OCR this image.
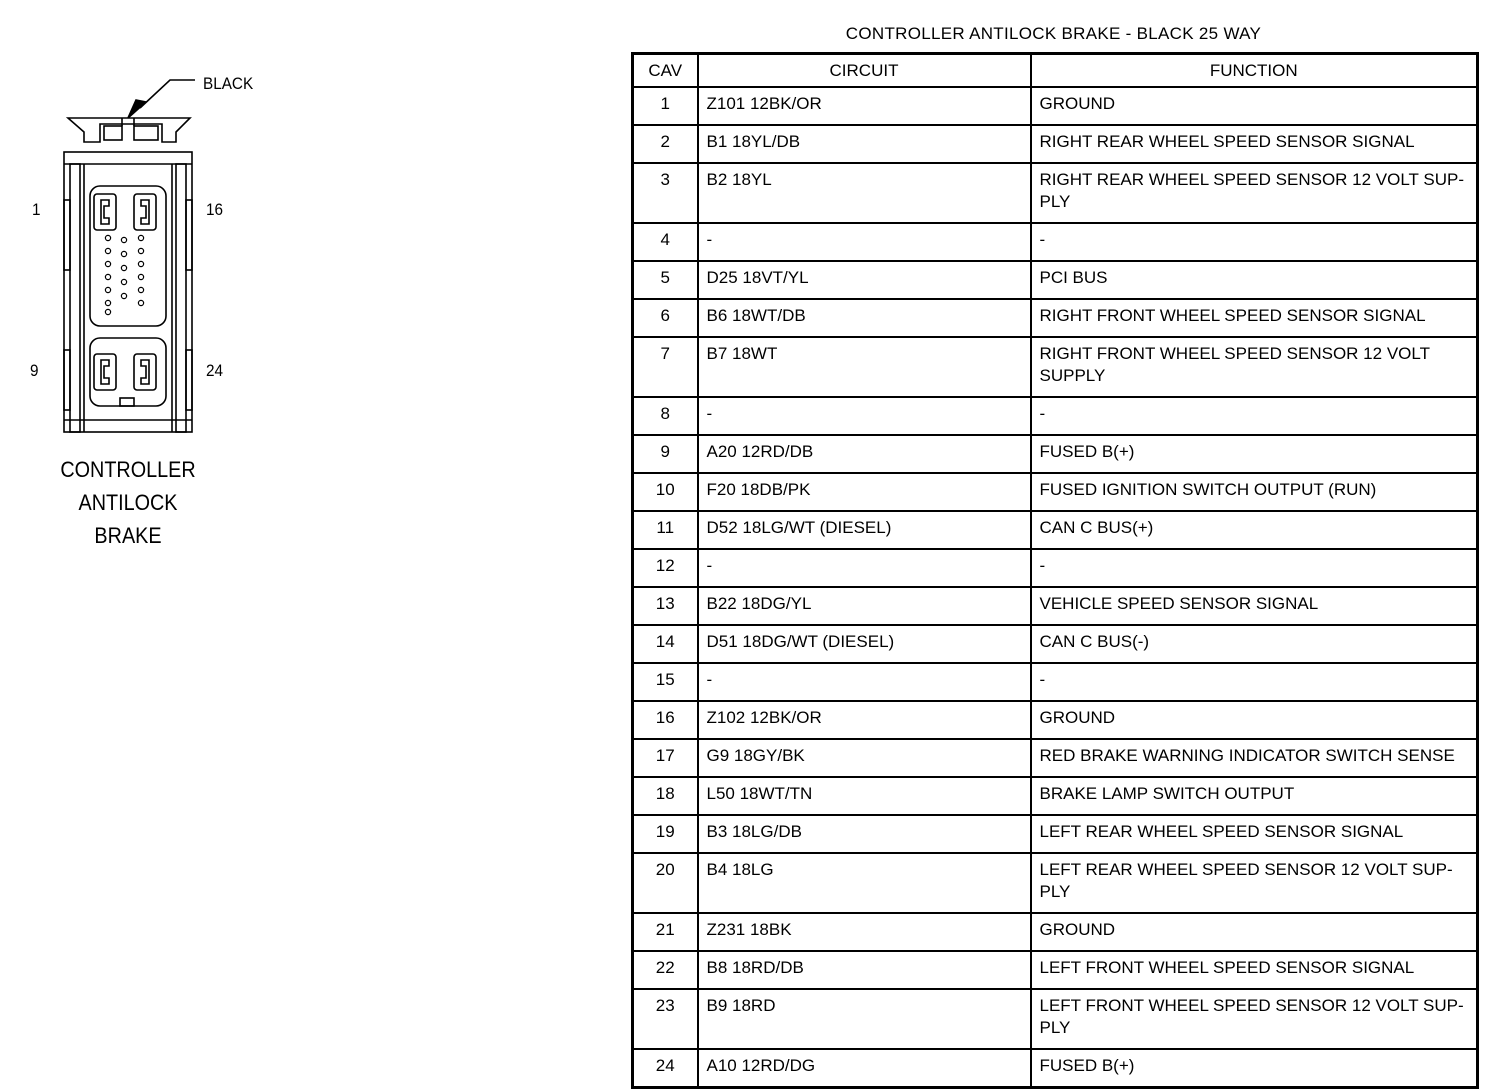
BLACK
1	16
9	24
CONTROLLER
ANTILOCK
BRAKE
CONTROLLER ANTILOCK BRAKE - BLACK 25 WAY
CAV	CIRCUIT	FUNCTION
1	Z101 12BK/OR	GROUND
2	B1 18YL/DB	RIGHT REAR WHEEL SPEED SENSOR SIGNAL
3	B2 18YL	RIGHT REAR WHEEL SPEED SENSOR 12 VOLT SUP-PLY
4	-	-
5	D25 18VT/YL	PCI BUS
6	B6 18WT/DB	RIGHT FRONT WHEEL SPEED SENSOR SIGNAL
7	B7 18WT	RIGHT FRONT WHEEL SPEED SENSOR 12 VOLT SUPPLY
8	-	-
9	A20 12RD/DB	FUSED B(+)
10	F20 18DB/PK	FUSED IGNITION SWITCH OUTPUT (RUN)
11	D52 18LG/WT (DIESEL)	CAN C BUS(+)
12	-	-
13	B22 18DG/YL	VEHICLE SPEED SENSOR SIGNAL
14	D51 18DG/WT (DIESEL)	CAN C BUS(-)
15	-	-
16	Z102 12BK/OR	GROUND
17	G9 18GY/BK	RED BRAKE WARNING INDICATOR SWITCH SENSE
18	L50 18WT/TN	BRAKE LAMP SWITCH OUTPUT
19	B3 18LG/DB	LEFT REAR WHEEL SPEED SENSOR SIGNAL
20	B4 18LG	LEFT REAR WHEEL SPEED SENSOR 12 VOLT SUP-PLY
21	Z231 18BK	GROUND
22	B8 18RD/DB	LEFT FRONT WHEEL SPEED SENSOR SIGNAL
23	B9 18RD	LEFT FRONT WHEEL SPEED SENSOR 12 VOLT SUP-PLY
24	A10 12RD/DG	FUSED B(+)
